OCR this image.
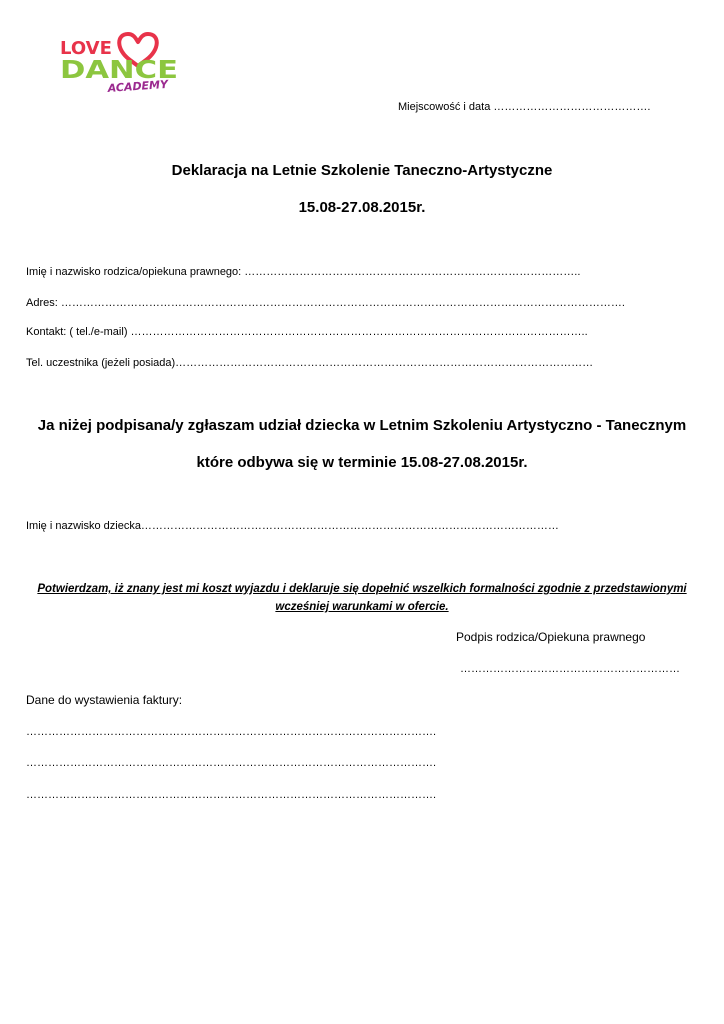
LOVE
DANCE
ACADEMY
Miejscowość i data …………………………………….
Deklaracja na Letnie Szkolenie Taneczno-Artystyczne
15.08-27.08.2015r.
Imię i nazwisko rodzica/opiekuna prawnego: ………………………………………………………………………………..
Adres: ……………………………………………………………………………………………………………………………………….
Kontakt: ( tel./e-mail) ……………………………………………………………………………………………………………..
Tel. uczestnika (jeżeli posiada)……………………………………………………………………………………………………
Ja niżej podpisana/y zgłaszam udział dziecka w Letnim Szkoleniu Artystyczno - Tanecznym
które odbywa się w terminie 15.08-27.08.2015r.
Imię i nazwisko dziecka……………………………………………………………………………………………………
Potwierdzam, iż znany jest mi koszt wyjazdu i deklaruje się dopełnić wszelkich formalności zgodnie z przedstawionymi
wcześniej warunkami w ofercie.
Podpis rodzica/Opiekuna prawnego
……………………………………………………
Dane do wystawienia faktury:
………………………………………………………………………………………………….
………………………………………………………………………………………………….
………………………………………………………………………………………………….
